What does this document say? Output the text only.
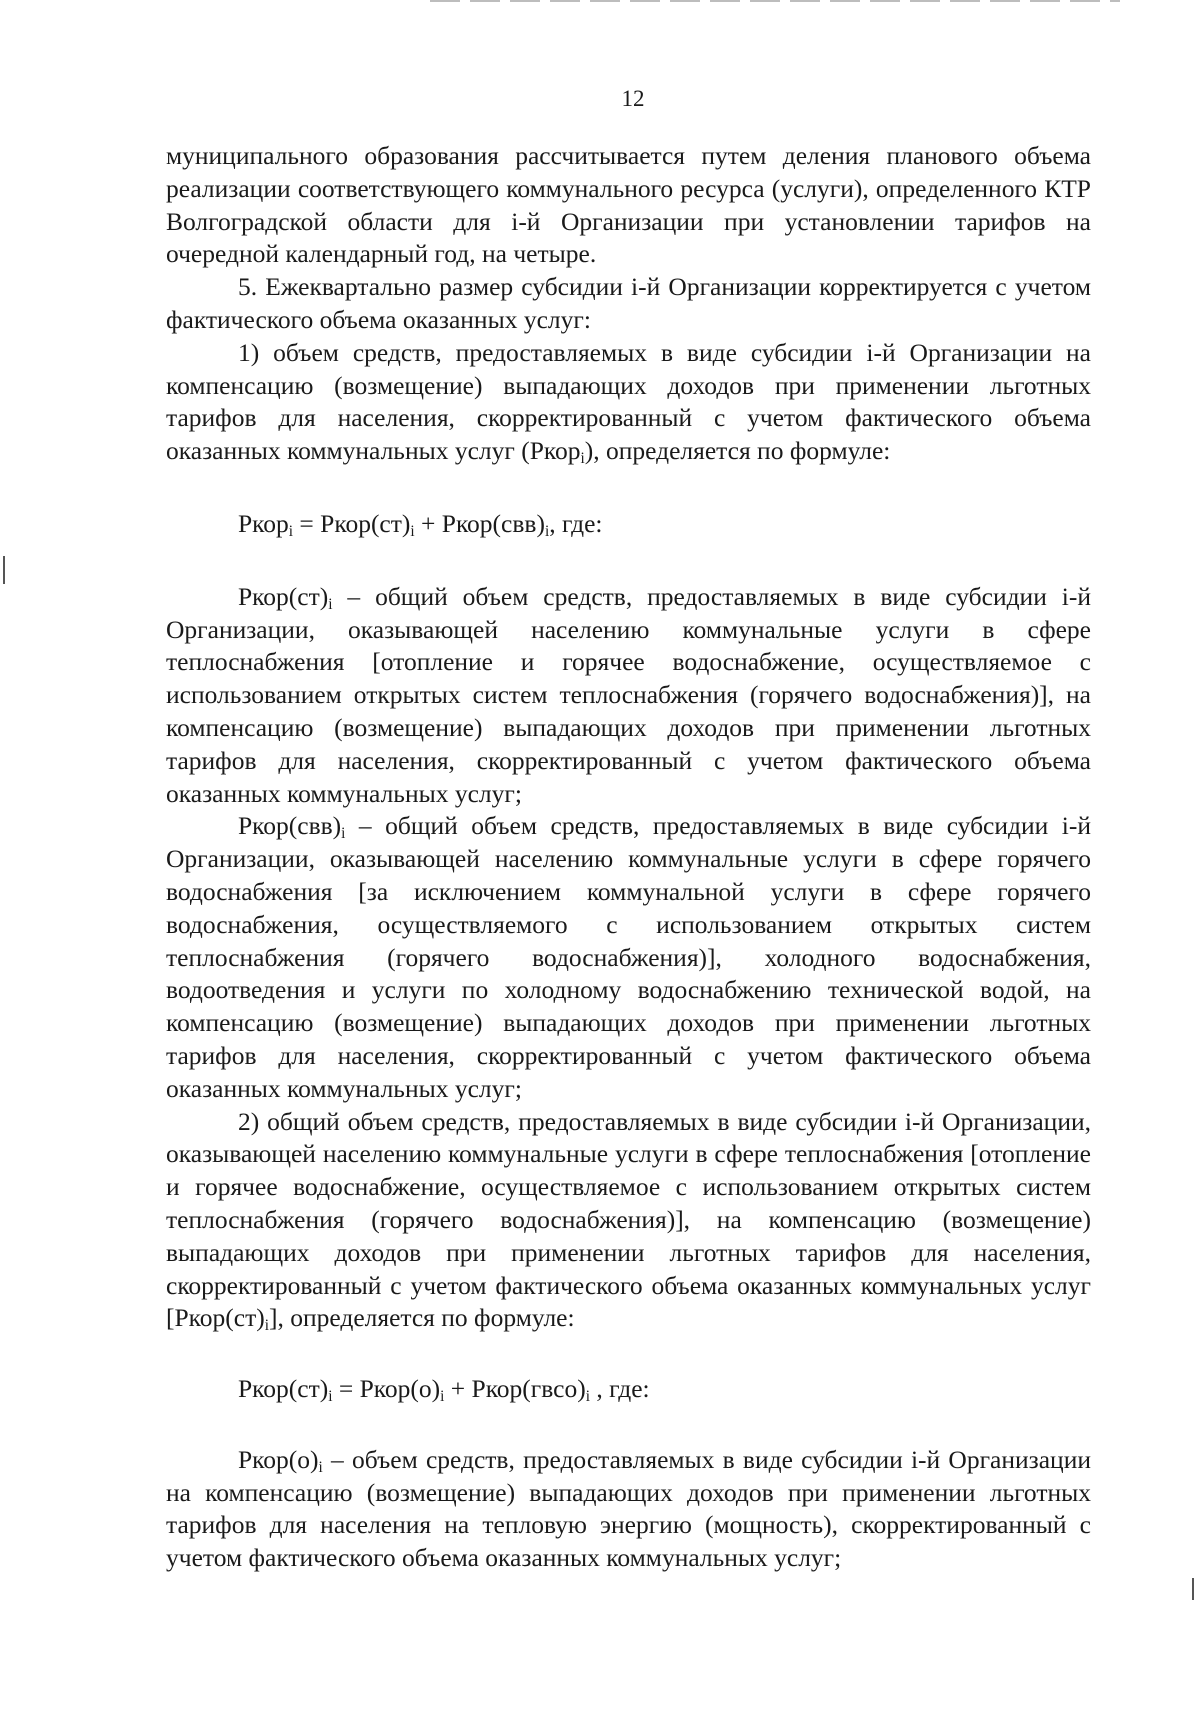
12

муниципального образования рассчитывается путем деления планового объема реализации соответствующего коммунального ресурса (услуги), определенного КТР Волгоградской области для i-й Организации при установлении тарифов на очередной календарный год, на четыре.

5. Ежеквартально размер субсидии i-й Организации корректируется с учетом фактического объема оказанных услуг:

1) объем средств, предоставляемых в виде субсидии i-й Организации на компенсацию (возмещение) выпадающих доходов при применении льготных тарифов для населения, скорректированный с учетом фактического объема оказанных коммунальных услуг (Ркор$_i$), определяется по формуле:

Ркор$_i$ = $Ркор(ст)_i$ + $Ркор(свв)_i$, где:

$Ркор(ст)_i$ – общий объем средств, предоставляемых в виде субсидии i-й Организации, оказывающей населению коммунальные услуги в сфере теплоснабжения [отопление и горячее водоснабжение, осуществляемое с использованием открытых систем теплоснабжения (горячего водоснабжения)], на компенсацию (возмещение) выпадающих доходов при применении льготных тарифов для населения, скорректированный с учетом фактического объема оказанных коммунальных услуг;

$Ркор(свв)_i$ – общий объем средств, предоставляемых в виде субсидии i-й Организации, оказывающей населению коммунальные услуги в сфере горячего водоснабжения [за исключением коммунальной услуги в сфере горячего водоснабжения, осуществляемого с использованием открытых систем теплоснабжения (горячего водоснабжения)], холодного водоснабжения, водоотведения и услуги по холодному водоснабжению технической водой, на компенсацию (возмещение) выпадающих доходов при применении льготных тарифов для населения, скорректированный с учетом фактического объема оказанных коммунальных услуг;

2) общий объем средств, предоставляемых в виде субсидии i-й Организации, оказывающей населению коммунальные услуги в сфере теплоснабжения [отопление и горячее водоснабжение, осуществляемое с использованием открытых систем теплоснабжения (горячего водоснабжения)], на компенсацию (возмещение) выпадающих доходов при применении льготных тарифов для населения, скорректированный с учетом фактического объема оказанных коммунальных услуг $[Ркор(ст)_i]$, определяется по формуле:

$Ркор(ст)_i$ = $Ркор(о)_i$ + $Ркор(гвсо)_i$ , где:

$Ркор(о)_i$ – объем средств, предоставляемых в виде субсидии i-й Организации на компенсацию (возмещение) выпадающих доходов при применении льготных тарифов для населения на тепловую энергию (мощность), скорректированный с учетом фактического объема оказанных коммунальных услуг;
